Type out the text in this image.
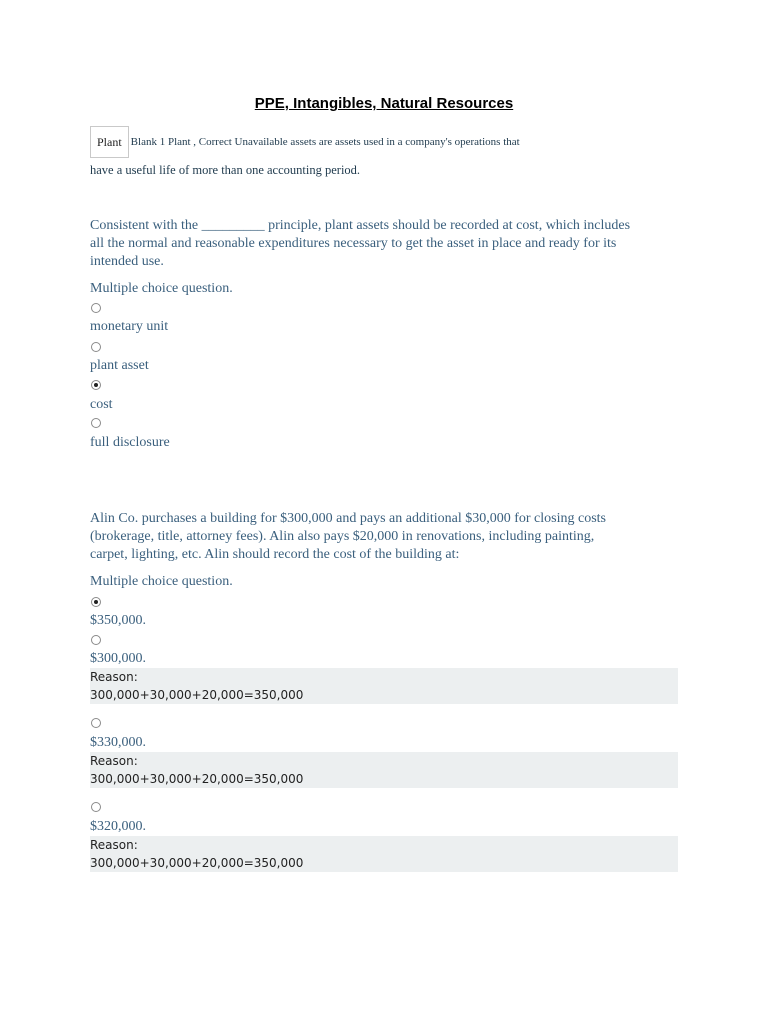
PPE, Intangibles, Natural Resources
Plant Blank 1 Plant , Correct Unavailable assets are assets used in a company's operations that
have a useful life of more than one accounting period.
Consistent with the _________ principle, plant assets should be recorded at cost, which includes
all the normal and reasonable expenditures necessary to get the asset in place and ready for its
intended use.
Multiple choice question.
monetary unit
plant asset
cost
full disclosure
Alin Co. purchases a building for $300,000 and pays an additional $30,000 for closing costs
(brokerage, title, attorney fees). Alin also pays $20,000 in renovations, including painting,
carpet, lighting, etc. Alin should record the cost of the building at:
Multiple choice question.
$350,000.
$300,000.
Reason:
300,000+30,000+20,000=350,000
$330,000.
Reason:
300,000+30,000+20,000=350,000
$320,000.
Reason:
300,000+30,000+20,000=350,000
